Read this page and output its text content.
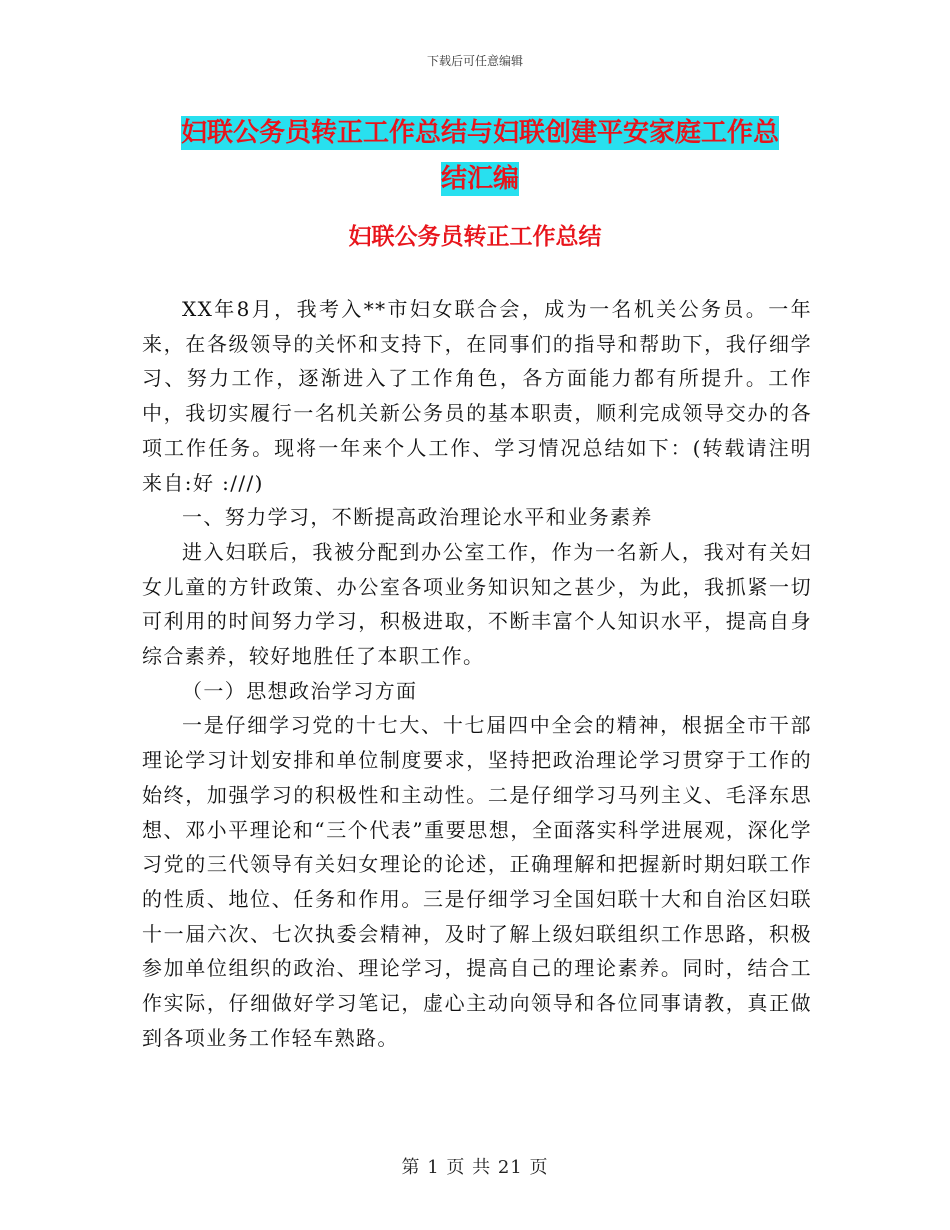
下载后可任意编辑
妇联公务员转正工作总结与妇联创建平安家庭工作总
结汇编
妇联公务员转正工作总结

XX年8月，我考入**市妇女联合会，成为一名机关公务员。一年来，在各级领导的关怀和支持下，在同事们的指导和帮助下，我仔细学习、努力工作，逐渐进入了工作角色，各方面能力都有所提升。工作中，我切实履行一名机关新公务员的基本职责，顺利完成领导交办的各项工作任务。现将一年来个人工作、学习情况总结如下：(转载请注明来自:好 :///)

一、努力学习，不断提高政治理论水平和业务素养

进入妇联后，我被分配到办公室工作，作为一名新人，我对有关妇女儿童的方针政策、办公室各项业务知识知之甚少，为此，我抓紧一切可利用的时间努力学习，积极进取，不断丰富个人知识水平，提高自身综合素养，较好地胜任了本职工作。

（一）思想政治学习方面

一是仔细学习党的十七大、十七届四中全会的精神，根据全市干部理论学习计划安排和单位制度要求，坚持把政治理论学习贯穿于工作的始终，加强学习的积极性和主动性。二是仔细学习马列主义、毛泽东思想、邓小平理论和“三个代表”重要思想，全面落实科学进展观，深化学习党的三代领导有关妇女理论的论述，正确理解和把握新时期妇联工作的性质、地位、任务和作用。三是仔细学习全国妇联十大和自治区妇联十一届六次、七次执委会精神，及时了解上级妇联组织工作思路，积极参加单位组织的政治、理论学习，提高自己的理论素养。同时，结合工作实际，仔细做好学习笔记，虚心主动向领导和各位同事请教，真正做到各项业务工作轻车熟路。

第 1 页 共 21 页
